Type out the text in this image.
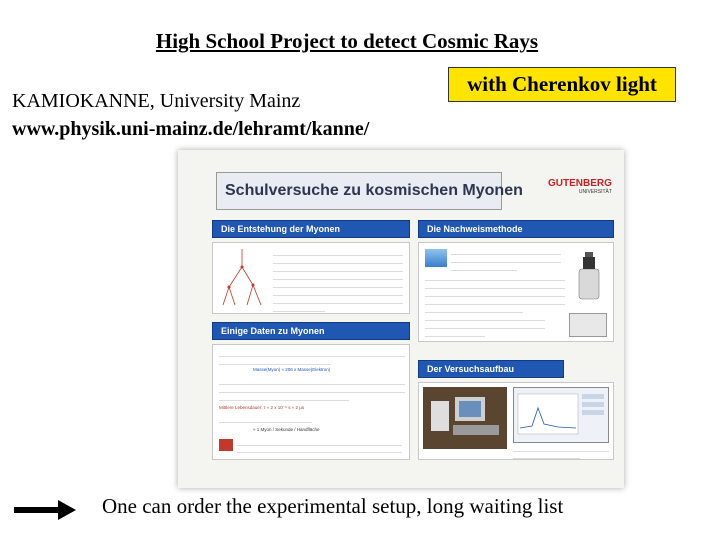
High School Project to detect Cosmic Rays
with Cherenkov light
KAMIOKANNE, University Mainz
www.physik.uni-mainz.de/lehramt/kanne/
Schulversuche zu kosmischen Myonen	GUTENBERG
UNIVERSITÄT
Die Entstehung der Myonen
Einige Daten zu Myonen
Masse(Myon) ≈ 206 x Masse(Elektron)
Mittlere Lebensdauer: τ ≈ 2 x 10⁻⁶ s ≈ 2 μs
≈ 1 Myon / Sekunde / Handfläche
Die Nachweismethode
Der Versuchsaufbau
One can order the experimental setup, long waiting list
